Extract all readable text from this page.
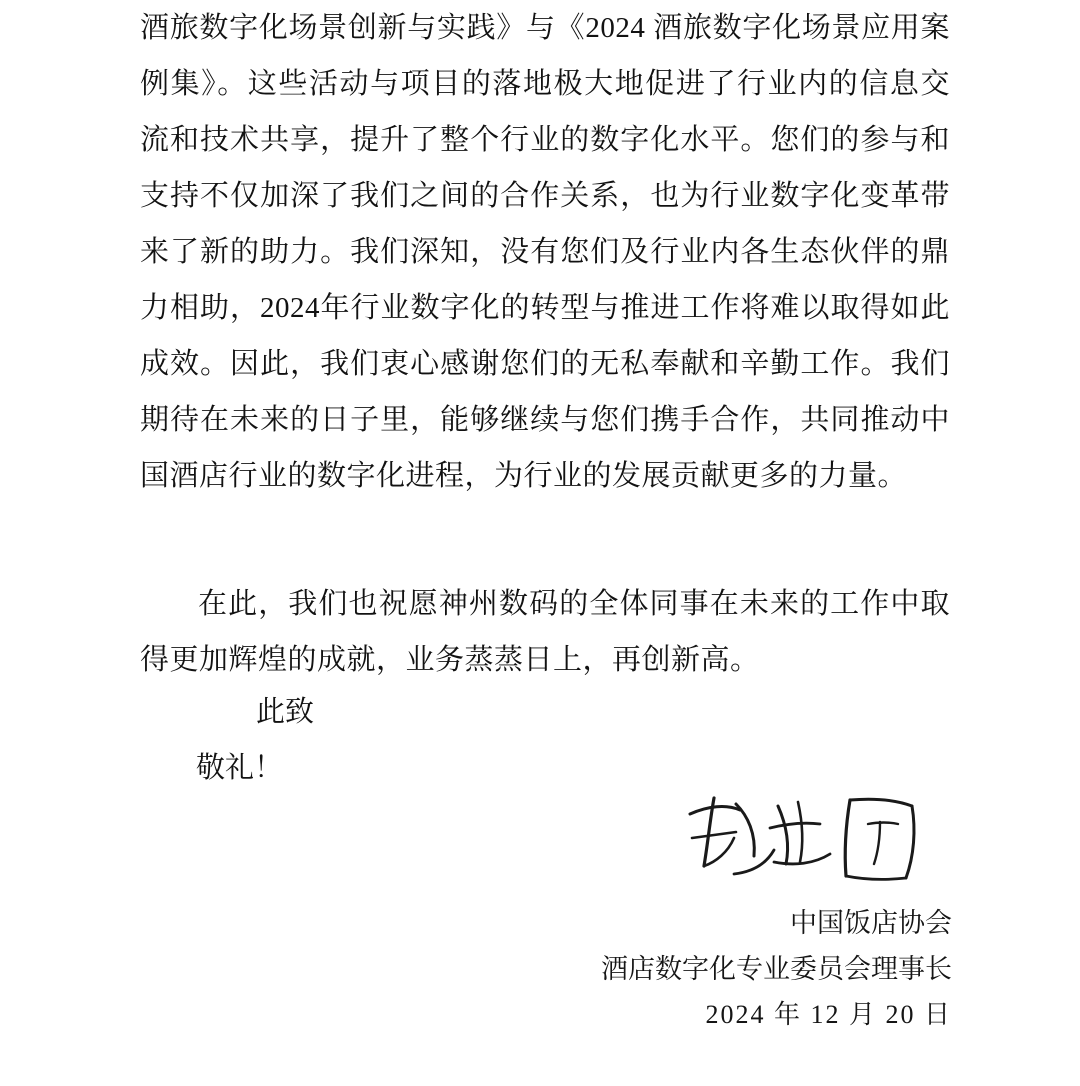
酒旅数字化场景创新与实践》与《2024 酒旅数字化场景应用案例集》。这些活动与项目的落地极大地促进了行业内的信息交流和技术共享，提升了整个行业的数字化水平。您们的参与和支持不仅加深了我们之间的合作关系，也为行业数字化变革带来了新的助力。我们深知，没有您们及行业内各生态伙伴的鼎力相助，2024年行业数字化的转型与推进工作将难以取得如此成效。因此，我们衷心感谢您们的无私奉献和辛勤工作。我们期待在未来的日子里，能够继续与您们携手合作，共同推动中国酒店行业的数字化进程，为行业的发展贡献更多的力量。

在此，我们也祝愿神州数码的全体同事在未来的工作中取得更加辉煌的成就，业务蒸蒸日上，再创新高。

此致

敬礼！

中国饭店协会
酒店数字化专业委员会理事长
2024 年 12 月 20 日
